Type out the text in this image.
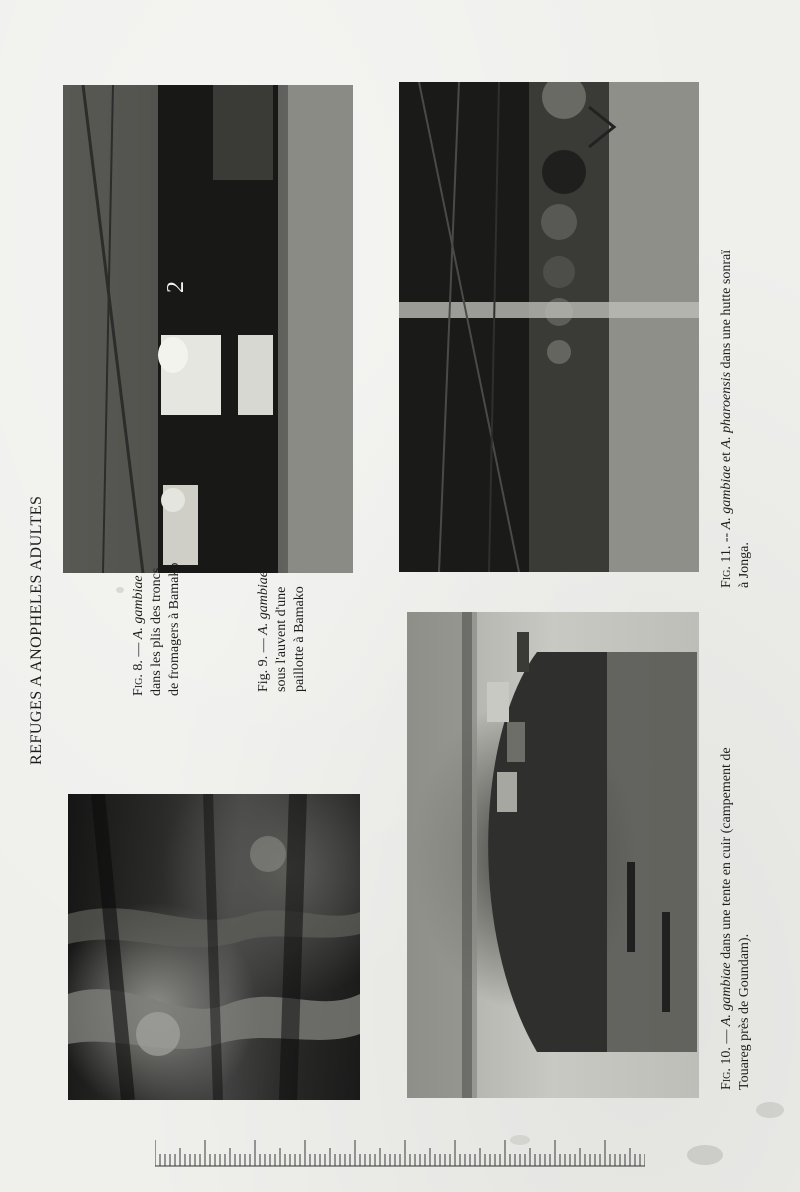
REFUGES A ANOPHELES ADULTES
2
Fig. 8. — A. gambiae dans les plis des troncs de fromagers à Bamako	Fig. 9. — A. gambiae sous l'auvent d'une paillotte à Bamako
Fig. 10. — A. gambiae dans une tente en cuir (campement de
Touareg près de Goundam).
Fig. 11. -- A. gambiae et A. pharoensis dans une hutte sonraï
à Jonga.
